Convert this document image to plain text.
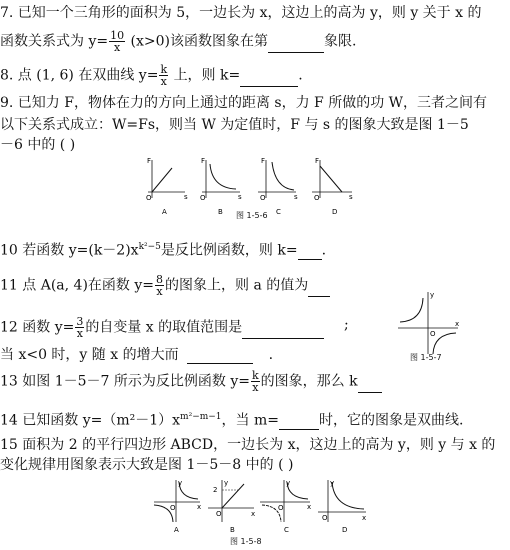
7. 已知一个三角形的面积为 5，一边长为 x，这边上的高为 y，则 y 关于 x 的
函数关系式为 $y= \frac{10}{x} (x>0)$该函数图象在第	象限.
8. 点 (1, 6) 在双曲线 $y= \frac{k}{x}$ 上，则 k=	.
9. 已知力 F，物体在力的方向上通过的距离 s，力 F 所做的功 W，三者之间有
以下关系式成立：W=Fs，则当 W 为定值时，F 与 s 的图象大致是图 1－5
－6 中的 ( )
F
s
O
A
F
s
O
B
F
s
O
C
F
s
O
D
图 1-5-6
10 若函数 $y=(k-2)x^{k^2-5}$是反比例函数，则 k= .
11 点 A(a, 4)在函数 $y= \frac{8}{x}$ 的图象上，则 a 的值为
12 函数 $y= \frac{3}{x}$ 的自变量 x 的取值范围是	;
当 x<0 时，y 随 x 的增大而	.
y
x
O
图 1-5-7
13 如图 1－5－7 所示为反比例函数 $y= \frac{k}{x}$ 的图象，那么 k
14 已知函数 $y=(m^2-1)x^{m^2-m-1}$，当 m=	时，它的图象是双曲线.
15 面积为 2 的平行四边形 ABCD，一边长为 x，这边上的高为 y，则 y 与 x 的
变化规律用图象表示大致是图 1－5－8 中的 ( )
y
x
O
A
2
y
x
O
B
y
x
O
C
y
x
O
D
图 1-5-8
